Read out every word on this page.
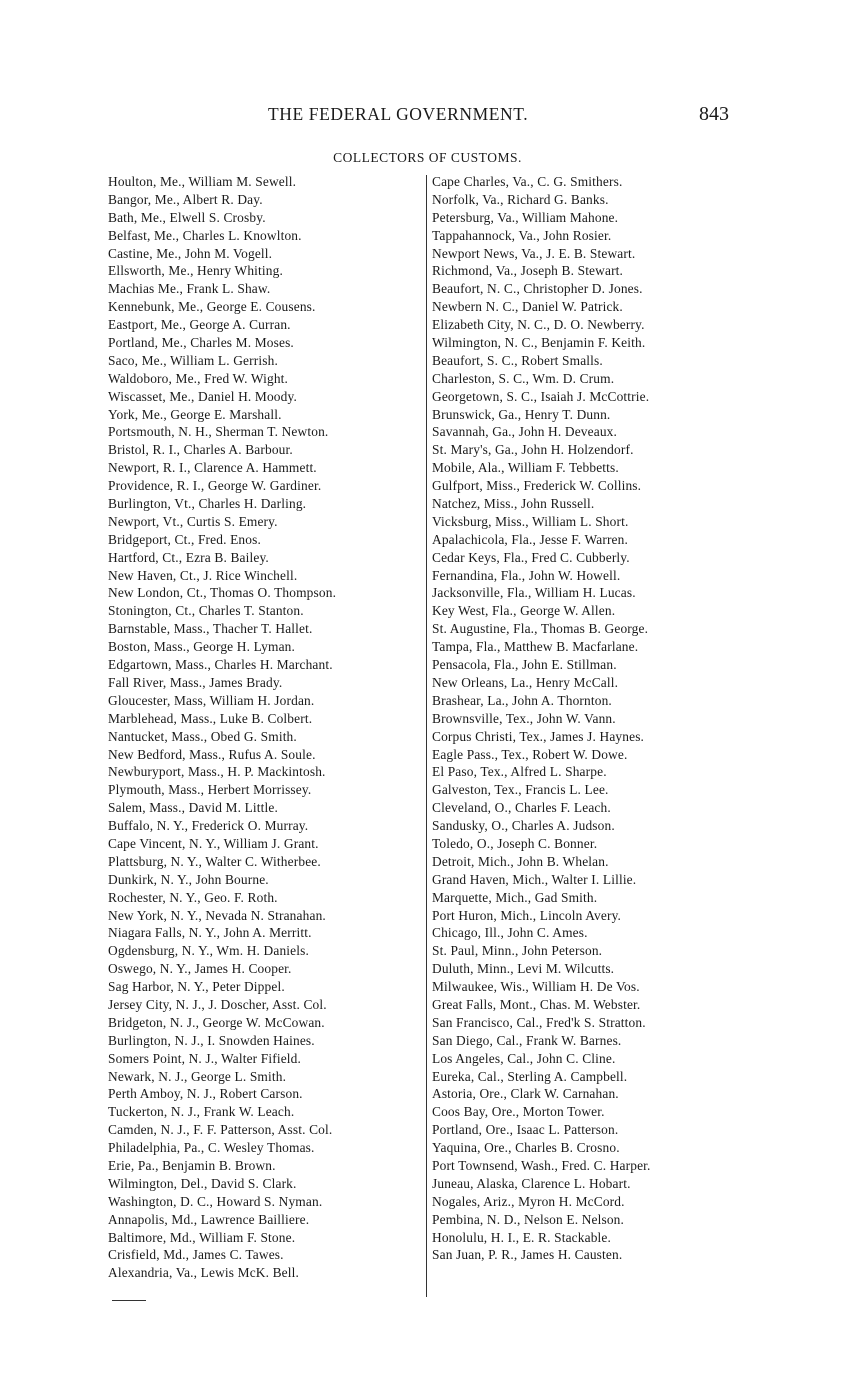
THE FEDERAL GOVERNMENT.	843
COLLECTORS OF CUSTOMS.
Houlton, Me., William M. Sewell.
Bangor, Me., Albert R. Day.
Bath, Me., Elwell S. Crosby.
Belfast, Me., Charles L. Knowlton.
Castine, Me., John M. Vogell.
Ellsworth, Me., Henry Whiting.
Machias Me., Frank L. Shaw.
Kennebunk, Me., George E. Cousens.
Eastport, Me., George A. Curran.
Portland, Me., Charles M. Moses.
Saco, Me., William L. Gerrish.
Waldoboro, Me., Fred W. Wight.
Wiscasset, Me., Daniel H. Moody.
York, Me., George E. Marshall.
Portsmouth, N. H., Sherman T. Newton.
Bristol, R. I., Charles A. Barbour.
Newport, R. I., Clarence A. Hammett.
Providence, R. I., George W. Gardiner.
Burlington, Vt., Charles H. Darling.
Newport, Vt., Curtis S. Emery.
Bridgeport, Ct., Fred. Enos.
Hartford, Ct., Ezra B. Bailey.
New Haven, Ct., J. Rice Winchell.
New London, Ct., Thomas O. Thompson.
Stonington, Ct., Charles T. Stanton.
Barnstable, Mass., Thacher T. Hallet.
Boston, Mass., George H. Lyman.
Edgartown, Mass., Charles H. Marchant.
Fall River, Mass., James Brady.
Gloucester, Mass, William H. Jordan.
Marblehead, Mass., Luke B. Colbert.
Nantucket, Mass., Obed G. Smith.
New Bedford, Mass., Rufus A. Soule.
Newburyport, Mass., H. P. Mackintosh.
Plymouth, Mass., Herbert Morrissey.
Salem, Mass., David M. Little.
Buffalo, N. Y., Frederick O. Murray.
Cape Vincent, N. Y., William J. Grant.
Plattsburg, N. Y., Walter C. Witherbee.
Dunkirk, N. Y., John Bourne.
Rochester, N. Y., Geo. F. Roth.
New York, N. Y., Nevada N. Stranahan.
Niagara Falls, N. Y., John A. Merritt.
Ogdensburg, N. Y., Wm. H. Daniels.
Oswego, N. Y., James H. Cooper.
Sag Harbor, N. Y., Peter Dippel.
Jersey City, N. J., J. Doscher, Asst. Col.
Bridgeton, N. J., George W. McCowan.
Burlington, N. J., I. Snowden Haines.
Somers Point, N. J., Walter Fifield.
Newark, N. J., George L. Smith.
Perth Amboy, N. J., Robert Carson.
Tuckerton, N. J., Frank W. Leach.
Camden, N. J., F. F. Patterson, Asst. Col.
Philadelphia, Pa., C. Wesley Thomas.
Erie, Pa., Benjamin B. Brown.
Wilmington, Del., David S. Clark.
Washington, D. C., Howard S. Nyman.
Annapolis, Md., Lawrence Bailliere.
Baltimore, Md., William F. Stone.
Crisfield, Md., James C. Tawes.
Alexandria, Va., Lewis McK. Bell.
Cape Charles, Va., C. G. Smithers.
Norfolk, Va., Richard G. Banks.
Petersburg, Va., William Mahone.
Tappahannock, Va., John Rosier.
Newport News, Va., J. E. B. Stewart.
Richmond, Va., Joseph B. Stewart.
Beaufort, N. C., Christopher D. Jones.
Newbern N. C., Daniel W. Patrick.
Elizabeth City, N. C., D. O. Newberry.
Wilmington, N. C., Benjamin F. Keith.
Beaufort, S. C., Robert Smalls.
Charleston, S. C., Wm. D. Crum.
Georgetown, S. C., Isaiah J. McCottrie.
Brunswick, Ga., Henry T. Dunn.
Savannah, Ga., John H. Deveaux.
St. Mary's, Ga., John H. Holzendorf.
Mobile, Ala., William F. Tebbetts.
Gulfport, Miss., Frederick W. Collins.
Natchez, Miss., John Russell.
Vicksburg, Miss., William L. Short.
Apalachicola, Fla., Jesse F. Warren.
Cedar Keys, Fla., Fred C. Cubberly.
Fernandina, Fla., John W. Howell.
Jacksonville, Fla., William H. Lucas.
Key West, Fla., George W. Allen.
St. Augustine, Fla., Thomas B. George.
Tampa, Fla., Matthew B. Macfarlane.
Pensacola, Fla., John E. Stillman.
New Orleans, La., Henry McCall.
Brashear, La., John A. Thornton.
Brownsville, Tex., John W. Vann.
Corpus Christi, Tex., James J. Haynes.
Eagle Pass., Tex., Robert W. Dowe.
El Paso, Tex., Alfred L. Sharpe.
Galveston, Tex., Francis L. Lee.
Cleveland, O., Charles F. Leach.
Sandusky, O., Charles A. Judson.
Toledo, O., Joseph C. Bonner.
Detroit, Mich., John B. Whelan.
Grand Haven, Mich., Walter I. Lillie.
Marquette, Mich., Gad Smith.
Port Huron, Mich., Lincoln Avery.
Chicago, Ill., John C. Ames.
St. Paul, Minn., John Peterson.
Duluth, Minn., Levi M. Wilcutts.
Milwaukee, Wis., William H. De Vos.
Great Falls, Mont., Chas. M. Webster.
San Francisco, Cal., Fred'k S. Stratton.
San Diego, Cal., Frank W. Barnes.
Los Angeles, Cal., John C. Cline.
Eureka, Cal., Sterling A. Campbell.
Astoria, Ore., Clark W. Carnahan.
Coos Bay, Ore., Morton Tower.
Portland, Ore., Isaac L. Patterson.
Yaquina, Ore., Charles B. Crosno.
Port Townsend, Wash., Fred. C. Harper.
Juneau, Alaska, Clarence L. Hobart.
Nogales, Ariz., Myron H. McCord.
Pembina, N. D., Nelson E. Nelson.
Honolulu, H. I., E. R. Stackable.
San Juan, P. R., James H. Causten.
